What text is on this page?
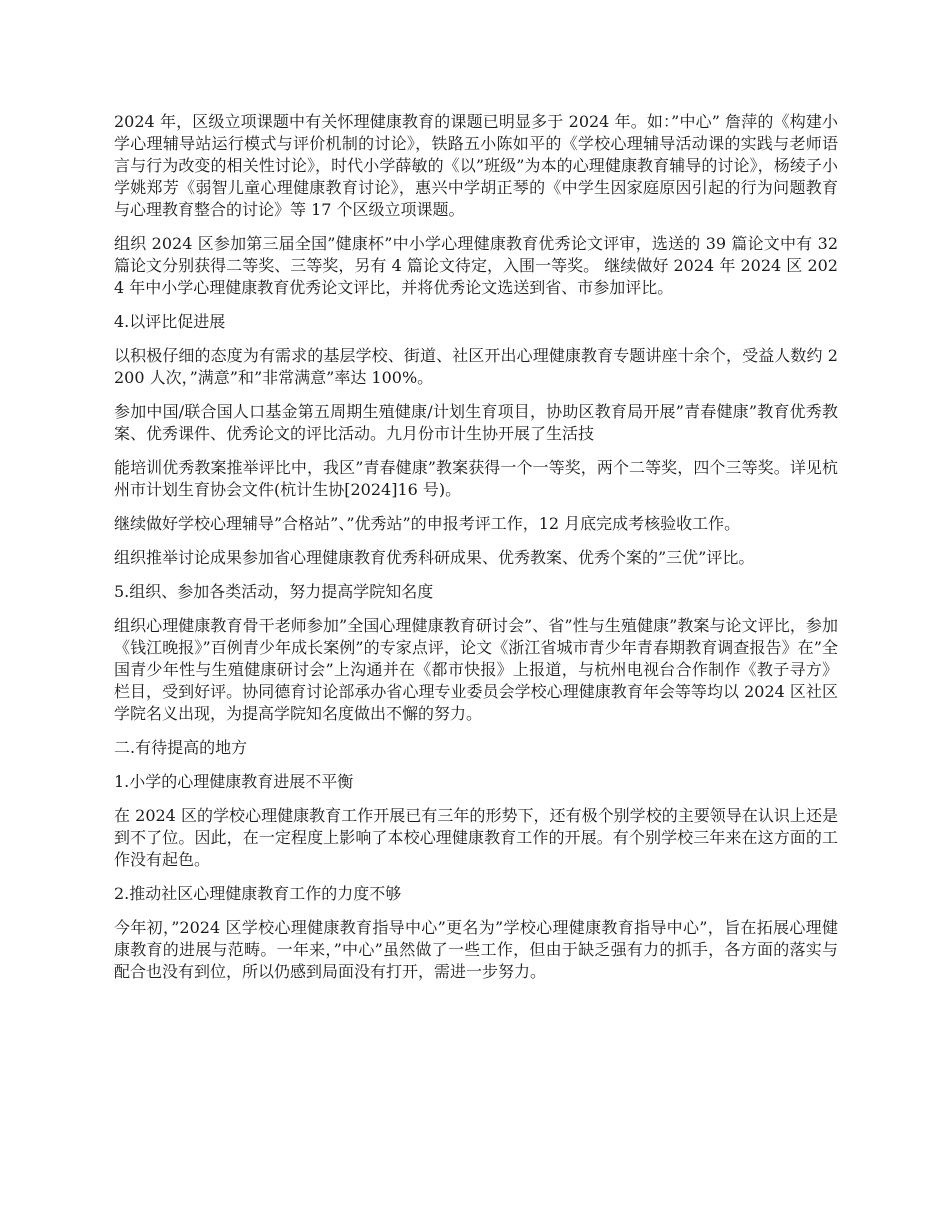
2024 年，区级立项课题中有关怀理健康教育的课题已明显多于 2024 年。如：”中心” 詹萍的《构建小学心理辅导站运行模式与评价机制的讨论》，铁路五小陈如平的《学校心理辅导活动课的实践与老师语言与行为改变的相关性讨论》，时代小学薛敏的《以”班级”为本的心理健康教育辅导的讨论》，杨绫子小学姚郑芳《弱智儿童心理健康教育讨论》，惠兴中学胡正琴的《中学生因家庭原因引起的行为问题教育与心理教育整合的讨论》等 17 个区级立项课题。

组织 2024 区参加第三届全国”健康杯”中小学心理健康教育优秀论文评审，选送的 39 篇论文中有 32 篇论文分别获得二等奖、三等奖，另有 4 篇论文待定，入围一等奖。 继续做好 2024 年 2024 区 2024 年中小学心理健康教育优秀论文评比，并将优秀论文选送到省、市参加评比。

4.以评比促进展

以积极仔细的态度为有需求的基层学校、街道、社区开出心理健康教育专题讲座十余个，受益人数约 2200 人次，”满意”和”非常满意”率达 100%。

参加中国/联合国人口基金第五周期生殖健康/计划生育项目，协助区教育局开展”青春健康”教育优秀教案、优秀课件、优秀论文的评比活动。九月份市计生协开展了生活技

能培训优秀教案推举评比中，我区”青春健康”教案获得一个一等奖，两个二等奖，四个三等奖。详见杭州市计划生育协会文件(杭计生协[2024]16 号)。

继续做好学校心理辅导”合格站”、”优秀站”的申报考评工作，12 月底完成考核验收工作。

组织推举讨论成果参加省心理健康教育优秀科研成果、优秀教案、优秀个案的”三优”评比。

5.组织、参加各类活动，努力提高学院知名度

组织心理健康教育骨干老师参加”全国心理健康教育研讨会”、省”性与生殖健康”教案与论文评比，参加《钱江晚报》”百例青少年成长案例”的专家点评，论文《浙江省城市青少年青春期教育调查报告》在”全国青少年性与生殖健康研讨会”上沟通并在《都市快报》上报道，与杭州电视台合作制作《教子寻方》栏目，受到好评。协同德育讨论部承办省心理专业委员会学校心理健康教育年会等等均以 2024 区社区学院名义出现，为提高学院知名度做出不懈的努力。

二.有待提高的地方

1.小学的心理健康教育进展不平衡

在 2024 区的学校心理健康教育工作开展已有三年的形势下，还有极个别学校的主要领导在认识上还是到不了位。因此，在一定程度上影响了本校心理健康教育工作的开展。有个别学校三年来在这方面的工作没有起色。

2.推动社区心理健康教育工作的力度不够

今年初，”2024 区学校心理健康教育指导中心”更名为”学校心理健康教育指导中心”，旨在拓展心理健康教育的进展与范畴。一年来，”中心”虽然做了一些工作，但由于缺乏强有力的抓手，各方面的落实与配合也没有到位，所以仍感到局面没有打开，需进一步努力。
